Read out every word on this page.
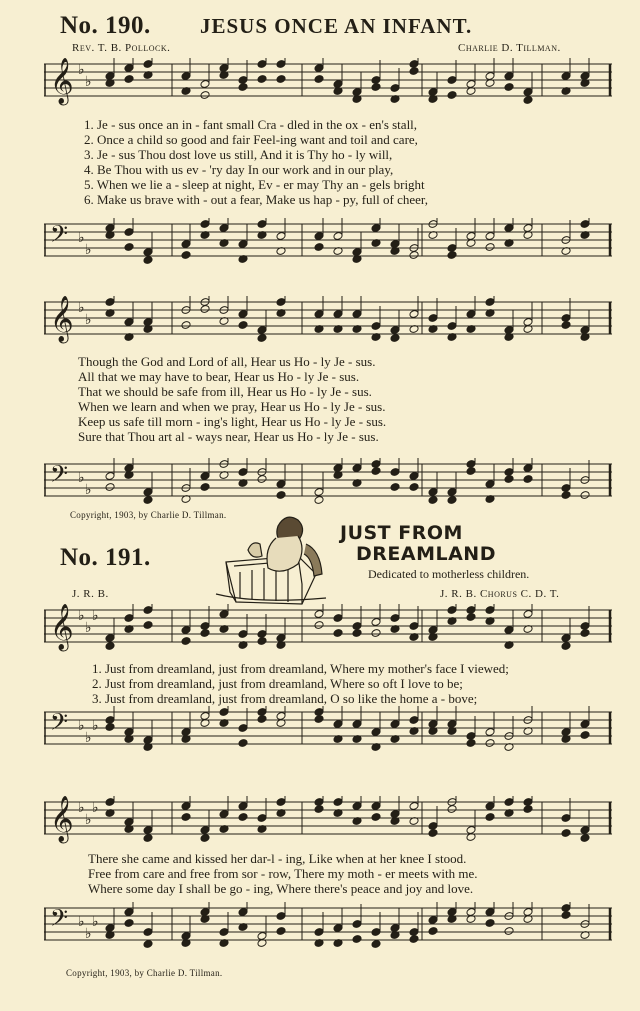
No. 190. JESUS ONCE AN INFANT.
Rev. T. B. Pollock.	Charlie D. Tillman.
𝄞 ♭
♭
𝄢 ♭
♭
1. Je - sus once an in - fant small Cra - dled in the ox - en's stall,
2. Once a child so good and fair Feel-ing want and toil and care,
3. Je - sus Thou dost love us still, And it is Thy ho - ly will,
4. Be Thou with us ev - 'ry day In our work and in our play,
5. When we lie a - sleep at night, Ev - er may Thy an - gels bright
6. Make us brave with - out a fear, Make us hap - py, full of cheer,
𝄞 ♭
♭
𝄢 ♭
♭
Though the God and Lord of all, Hear us Ho - ly Je - sus.
All that we may have to bear, Hear us Ho - ly Je - sus.
That we should be safe from ill, Hear us Ho - ly Je - sus.
When we learn and when we pray, Hear us Ho - ly Je - sus.
Keep us safe till morn - ing's light, Hear us Ho - ly Je - sus.
Sure that Thou art al - ways near, Hear us Ho - ly Je - sus.
Copyright, 1903, by Charlie D. Tillman.
No. 191.
JUST FROM
DREAMLAND
Dedicated to motherless children.
J. R. B.	J. R. B. Chorus C. D. T.
𝄞 ♭
♭
♭
𝄢 ♭
♭
♭
1. Just from dreamland, just from dreamland, Where my mother's face I viewed;
2. Just from dreamland, just from dreamland, Where so oft I love to be;
3. Just from dreamland, just from dreamland, O so like the home a - bove;
𝄞 ♭
♭
♭
𝄢 ♭
♭
♭
There she came and kissed her dar-l - ing, Like when at her knee I stood.
Free from care and free from sor - row, There my moth - er meets with me.
Where some day I shall be go - ing, Where there's peace and joy and love.
Copyright, 1903, by Charlie D. Tillman.
